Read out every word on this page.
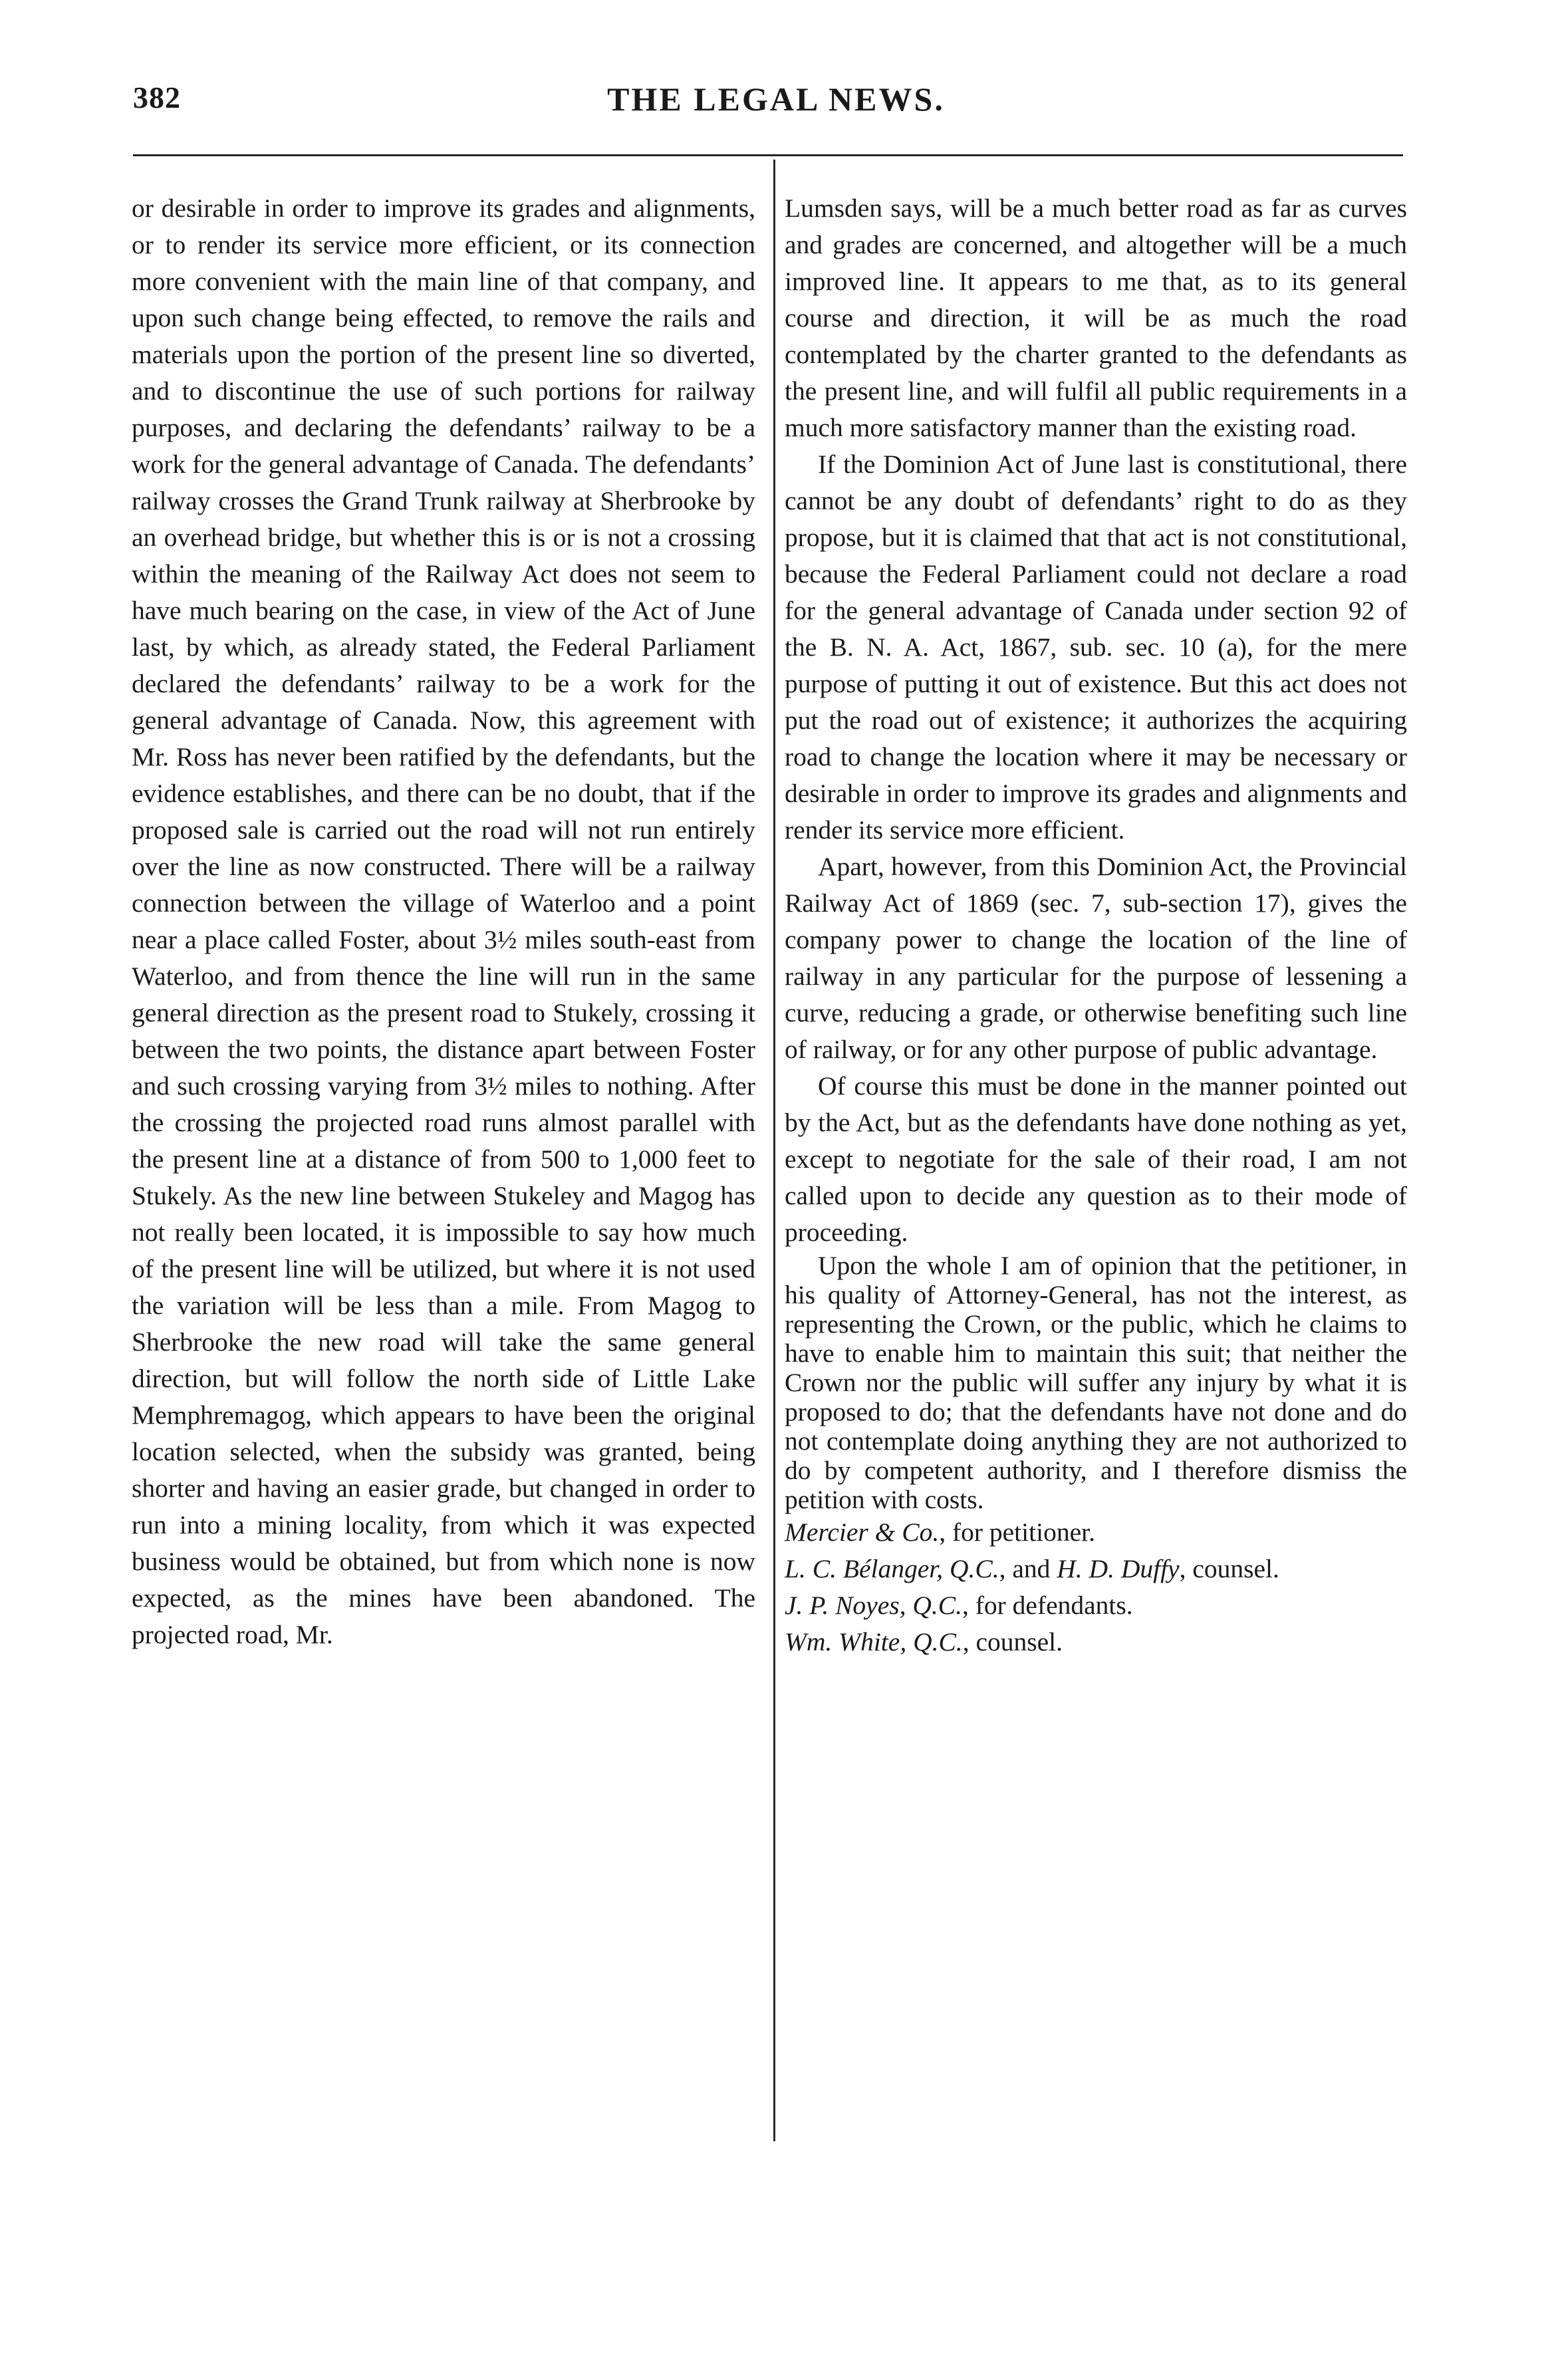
382	THE LEGAL NEWS.

or desirable in order to improve its grades and alignments, or to render its service more efficient, or its connection more convenient with the main line of that company, and upon such change being effected, to remove the rails and materials upon the portion of the present line so diverted, and to discontinue the use of such portions for railway purposes, and declaring the defendants’ railway to be a work for the general advantage of Canada. The defendants’ railway crosses the Grand Trunk railway at Sherbrooke by an overhead bridge, but whether this is or is not a crossing within the meaning of the Railway Act does not seem to have much bearing on the case, in view of the Act of June last, by which, as already stated, the Federal Parliament declared the defendants’ railway to be a work for the general advantage of Canada. Now, this agreement with Mr. Ross has never been ratified by the defendants, but the evidence establishes, and there can be no doubt, that if the proposed sale is carried out the road will not run entirely over the line as now constructed. There will be a railway connection between the village of Waterloo and a point near a place called Foster, about 3½ miles south-east from Waterloo, and from thence the line will run in the same general direction as the present road to Stukely, crossing it between the two points, the distance apart between Foster and such crossing varying from 3½ miles to nothing. After the crossing the projected road runs almost parallel with the present line at a distance of from 500 to 1,000 feet to Stukely. As the new line between Stukeley and Magog has not really been located, it is impossible to say how much of the present line will be utilized, but where it is not used the variation will be less than a mile. From Magog to Sherbrooke the new road will take the same general direction, but will follow the north side of Little Lake Memphremagog, which appears to have been the original location selected, when the subsidy was granted, being shorter and having an easier grade, but changed in order to run into a mining locality, from which it was expected business would be obtained, but from which none is now expected, as the mines have been abandoned. The projected road, Mr.

Lumsden says, will be a much better road as far as curves and grades are concerned, and altogether will be a much improved line. It appears to me that, as to its general course and direction, it will be as much the road contemplated by the charter granted to the defendants as the present line, and will fulfil all public requirements in a much more satisfactory manner than the existing road.

If the Dominion Act of June last is constitutional, there cannot be any doubt of defendants’ right to do as they propose, but it is claimed that that act is not constitutional, because the Federal Parliament could not declare a road for the general advantage of Canada under section 92 of the B. N. A. Act, 1867, sub. sec. 10 (a), for the mere purpose of putting it out of existence. But this act does not put the road out of existence; it authorizes the acquiring road to change the location where it may be necessary or desirable in order to improve its grades and alignments and render its service more efficient.

Apart, however, from this Dominion Act, the Provincial Railway Act of 1869 (sec. 7, sub-section 17), gives the company power to change the location of the line of railway in any particular for the purpose of lessening a curve, reducing a grade, or otherwise benefiting such line of railway, or for any other purpose of public advantage.

Of course this must be done in the manner pointed out by the Act, but as the defendants have done nothing as yet, except to negotiate for the sale of their road, I am not called upon to decide any question as to their mode of proceeding.

Upon the whole I am of opinion that the petitioner, in his quality of Attorney-General, has not the interest, as representing the Crown, or the public, which he claims to have to enable him to maintain this suit; that neither the Crown nor the public will suffer any injury by what it is proposed to do; that the defendants have not done and do not contemplate doing anything they are not authorized to do by competent authority, and I therefore dismiss the petition with costs.

Mercier & Co., for petitioner.

L. C. Bélanger, Q.C., and H. D. Duffy, counsel.

J. P. Noyes, Q.C., for defendants.

Wm. White, Q.C., counsel.
